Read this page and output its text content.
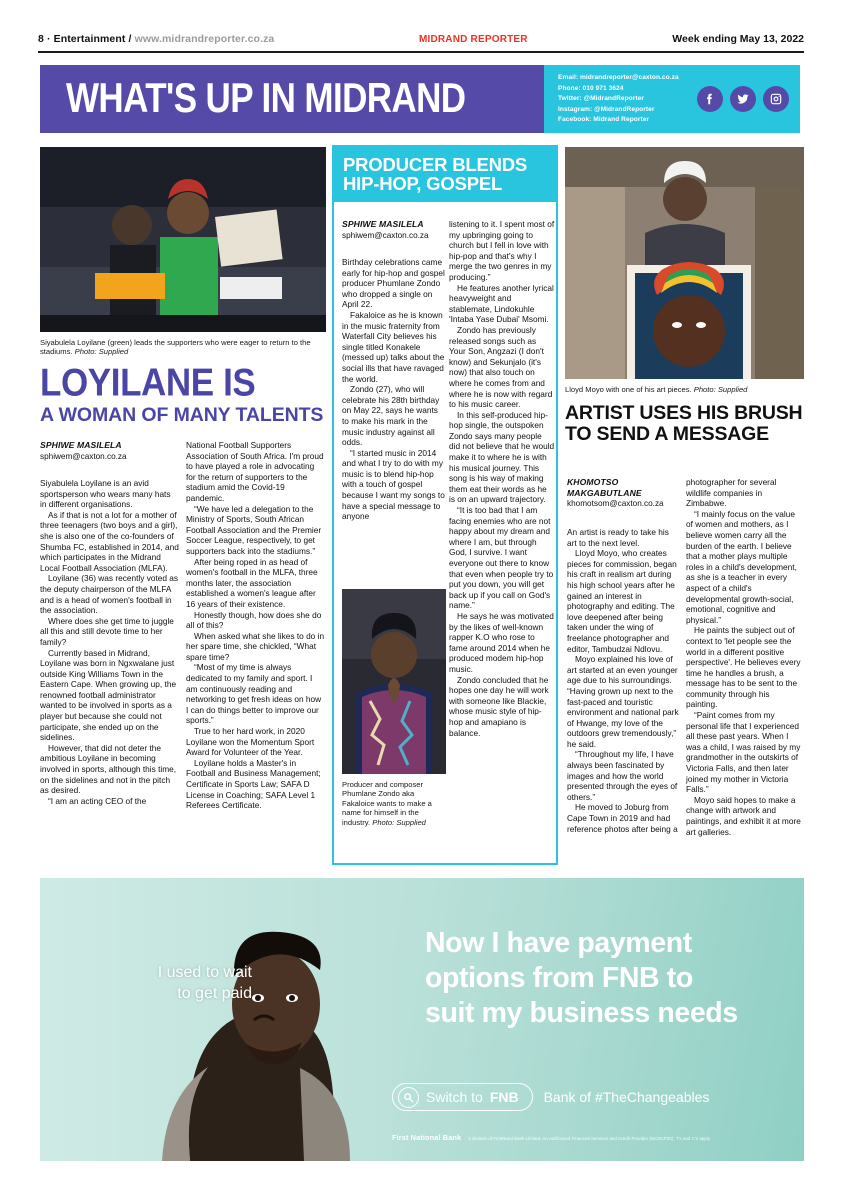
8 · Entertainment / www.midrandreporter.co.za	MIDRAND REPORTER	Week ending May 13, 2022
WHAT'S UP IN MIDRAND	Email: midrandreporter@caxton.co.za
Phone: 010 971 3624
Twitter: @MidrandReporter
Instagram: @MidrandReporter
Facebook: Midrand Reporter
Siyabulela Loyilane (green) leads the supporters who were eager to return to the stadiums. Photo: Supplied
LOYILANE IS
A WOMAN OF MANY TALENTS
SPHIWE MASILELA
sphiwem@caxton.co.za

Siyabulela Loyilane is an avid sportsperson who wears many hats in different organisations.

As if that is not a lot for a mother of three teenagers (two boys and a girl), she is also one of the co-founders of Shumba FC, established in 2014, and which participates in the Midrand Local Football Association (MLFA).

Loyilane (36) was recently voted as the deputy chairperson of the MLFA and is a head of women's football in the association.

Where does she get time to juggle all this and still devote time to her family?

Currently based in Midrand, Loyilane was born in Ngxwalane just outside King Williams Town in the Eastern Cape. When growing up, the renowned football administrator wanted to be involved in sports as a player but because she could not participate, she ended up on the sidelines.

However, that did not deter the ambitious Loyilane in becoming involved in sports, although this time, on the sidelines and not in the pitch as desired.

“I am an acting CEO of the

National Football Supporters Association of South Africa. I'm proud to have played a role in advocating for the return of supporters to the stadium amid the Covid-19 pandemic.

“We have led a delegation to the Ministry of Sports, South African Football Association and the Premier Soccer League, respectively, to get supporters back into the stadiums.”

After being roped in as head of women's football in the MLFA, three months later, the association established a women's league after 16 years of their existence.

Honestly though, how does she do all of this?

When asked what she likes to do in her spare time, she chickled, “What spare time?

“Most of my time is always dedicated to my family and sport. I am continuously reading and networking to get fresh ideas on how I can do things better to improve our sports.”

True to her hard work, in 2020 Loyilane won the Momentum Sport Award for Volunteer of the Year.

Loyilane holds a Master's in Football and Business Management; Certificate in Sports Law; SAFA D License in Coaching; SAFA Level 1 Referees Certificate.

PRODUCER BLENDS
HIP-HOP, GOSPEL
SPHIWE MASILELA
sphiwem@caxton.co.za

Birthday celebrations came early for hip-hop and gospel producer Phumlane Zondo who dropped a single on April 22.

Fakaloice as he is known in the music fraternity from Waterfall City believes his single titled Konakele (messed up) talks about the social ills that have ravaged the world.

Zondo (27), who will celebrate his 28th birthday on May 22, says he wants to make his mark in the music industry against all odds.

“I started music in 2014 and what I try to do with my music is to blend hip-hop with a touch of gospel because I want my songs to have a special message to anyone

listening to it. I spent most of my upbringing going to church but I fell in love with hip-pop and that's why I merge the two genres in my producing.”

He features another lyrical heavyweight and stablemate, Lindokuhle 'Intaba Yase Dubai' Msomi.

Zondo has previously released songs such as Your Son, Angzazi (I don't know) and Sekunjalo (it's now) that also touch on where he comes from and where he is now with regard to his music career.

In this self-produced hip-hop single, the outspoken Zondo says many people did not believe that he would make it to where he is with his musical journey. This song is his way of making them eat their words as he is on an upward trajectory.

“It is too bad that I am facing enemies who are not happy about my dream and where I am, but through God, I survive. I want everyone out there to know that even when people try to put you down, you will get back up if you call on God's name.”

He says he was motivated by the likes of well-known rapper K.O who rose to fame around 2014 when he produced modem hip-hop music.

Zondo concluded that he hopes one day he will work with someone like Blackie, whose music style of hip-hop and amapiano is balance.

Producer and composer Phumlane Zondo aka Fakaloice wants to make a name for himself in the industry. Photo: Supplied
Lloyd Moyo with one of his art pieces. Photo: Supplied
ARTIST USES HIS BRUSH
TO SEND A MESSAGE
KHOMOTSO
MAKGABUTLANE
khomotsom@caxton.co.za

An artist is ready to take his art to the next level.

Lloyd Moyo, who creates pieces for commission, began his craft in realism art during his high school years after he gained an interest in photography and editing. The love deepened after being taken under the wing of freelance photographer and editor, Tambudzai Ndlovu.

Moyo explained his love of art started at an even younger age due to his surroundings. “Having grown up next to the fast-paced and touristic environment and national park of Hwange, my love of the outdoors grew tremendously,” he said.

“Throughout my life, I have always been fascinated by images and how the world presented through the eyes of others.”

He moved to Joburg from Cape Town in 2019 and had reference photos after being a

photographer for several wildlife companies in Zimbabwe.

“I mainly focus on the value of women and mothers, as I believe women carry all the burden of the earth. I believe that a mother plays multiple roles in a child's development, as she is a teacher in every aspect of a child's developmental growth-social, emotional, cognitive and physical.”

He paints the subject out of context to 'let people see the world in a different positive perspective'. He believes every time he handles a brush, a message has to be sent to the community through his painting.

“Paint comes from my personal life that I experienced all these past years. When I was a child, I was raised by my grandmother in the outskirts of Victoria Falls, and then later joined my mother in Victoria Falls.”

Moyo said hopes to make a change with artwork and paintings, and exhibit it at more art galleries.

I used to wait
to get paid
Now I have payment
options from FNB to
suit my business needs
Switch to FNB Bank of #TheChangeables
First National Bank a division of FirstRand Bank Limited. An Authorised Financial Services and Credit Provider (NCRCP20). T's and C's apply.
